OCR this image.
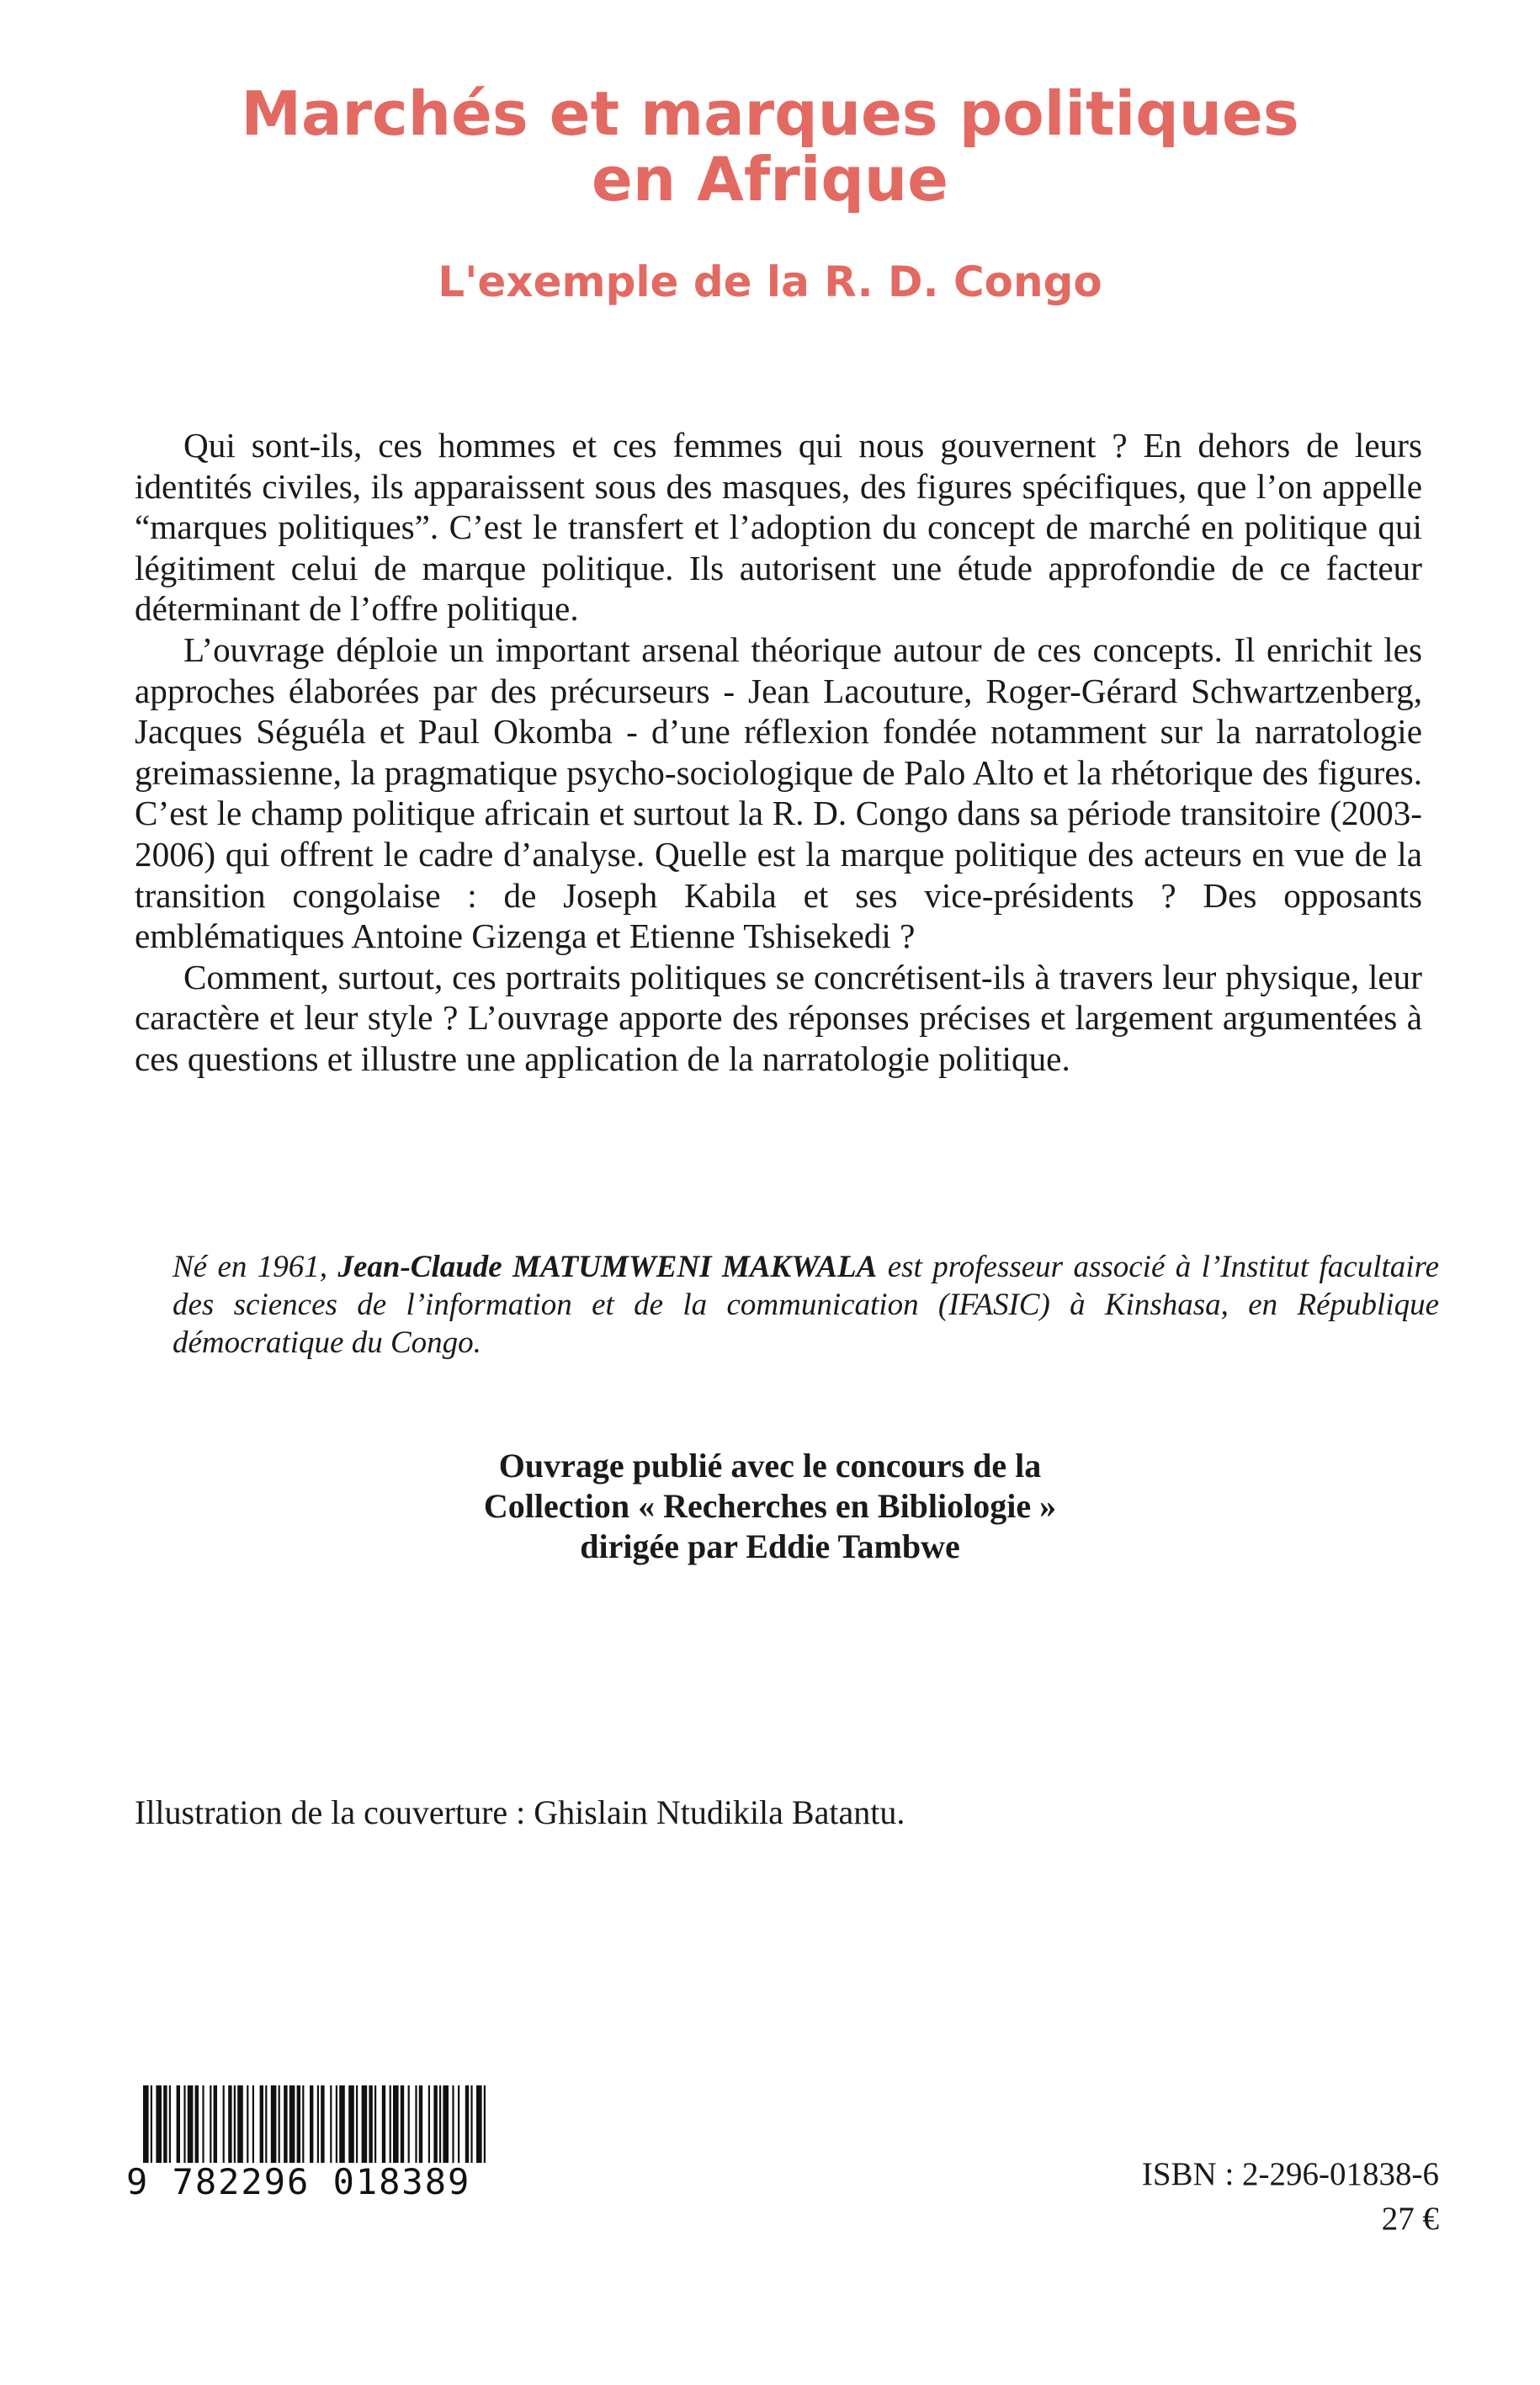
Marchés et marques politiques
en Afrique
L'exemple de la R. D. Congo

Qui sont-ils, ces hommes et ces femmes qui nous gouvernent ? En dehors de leurs identités civiles, ils apparaissent sous des masques, des figures spécifiques, que l’on appelle “marques politiques”. C’est le transfert et l’adoption du concept de marché en politique qui légitiment celui de marque politique. Ils autorisent une étude approfondie de ce facteur déterminant de l’offre politique.

L’ouvrage déploie un important arsenal théorique autour de ces concepts. Il enrichit les approches élaborées par des précurseurs - Jean Lacouture, Roger-Gérard Schwartzenberg, Jacques Séguéla et Paul Okomba - d’une réflexion fondée notamment sur la narratologie greimassienne, la pragmatique psycho-sociologique de Palo Alto et la rhétorique des figures. C’est le champ politique africain et surtout la R. D. Congo dans sa période transitoire (2003-2006) qui offrent le cadre d’analyse. Quelle est la marque politique des acteurs en vue de la transition congolaise : de Joseph Kabila et ses vice-présidents ? Des opposants emblématiques Antoine Gizenga et Etienne Tshisekedi ?

Comment, surtout, ces portraits politiques se concrétisent-ils à travers leur physique, leur caractère et leur style ? L’ouvrage apporte des réponses précises et largement argumentées à ces questions et illustre une application de la narratologie politique.

Né en 1961, Jean-Claude MATUMWENI MAKWALA est professeur associé à l’Institut facultaire des sciences de l’information et de la communication (IFASIC) à Kinshasa, en République démocratique du Congo.
Ouvrage publié avec le concours de la
Collection « Recherches en Bibliologie »
dirigée par Eddie Tambwe
Illustration de la couverture : Ghislain Ntudikila Batantu.
9 782296 018389	ISBN : 2-296-01838-6
27 €
